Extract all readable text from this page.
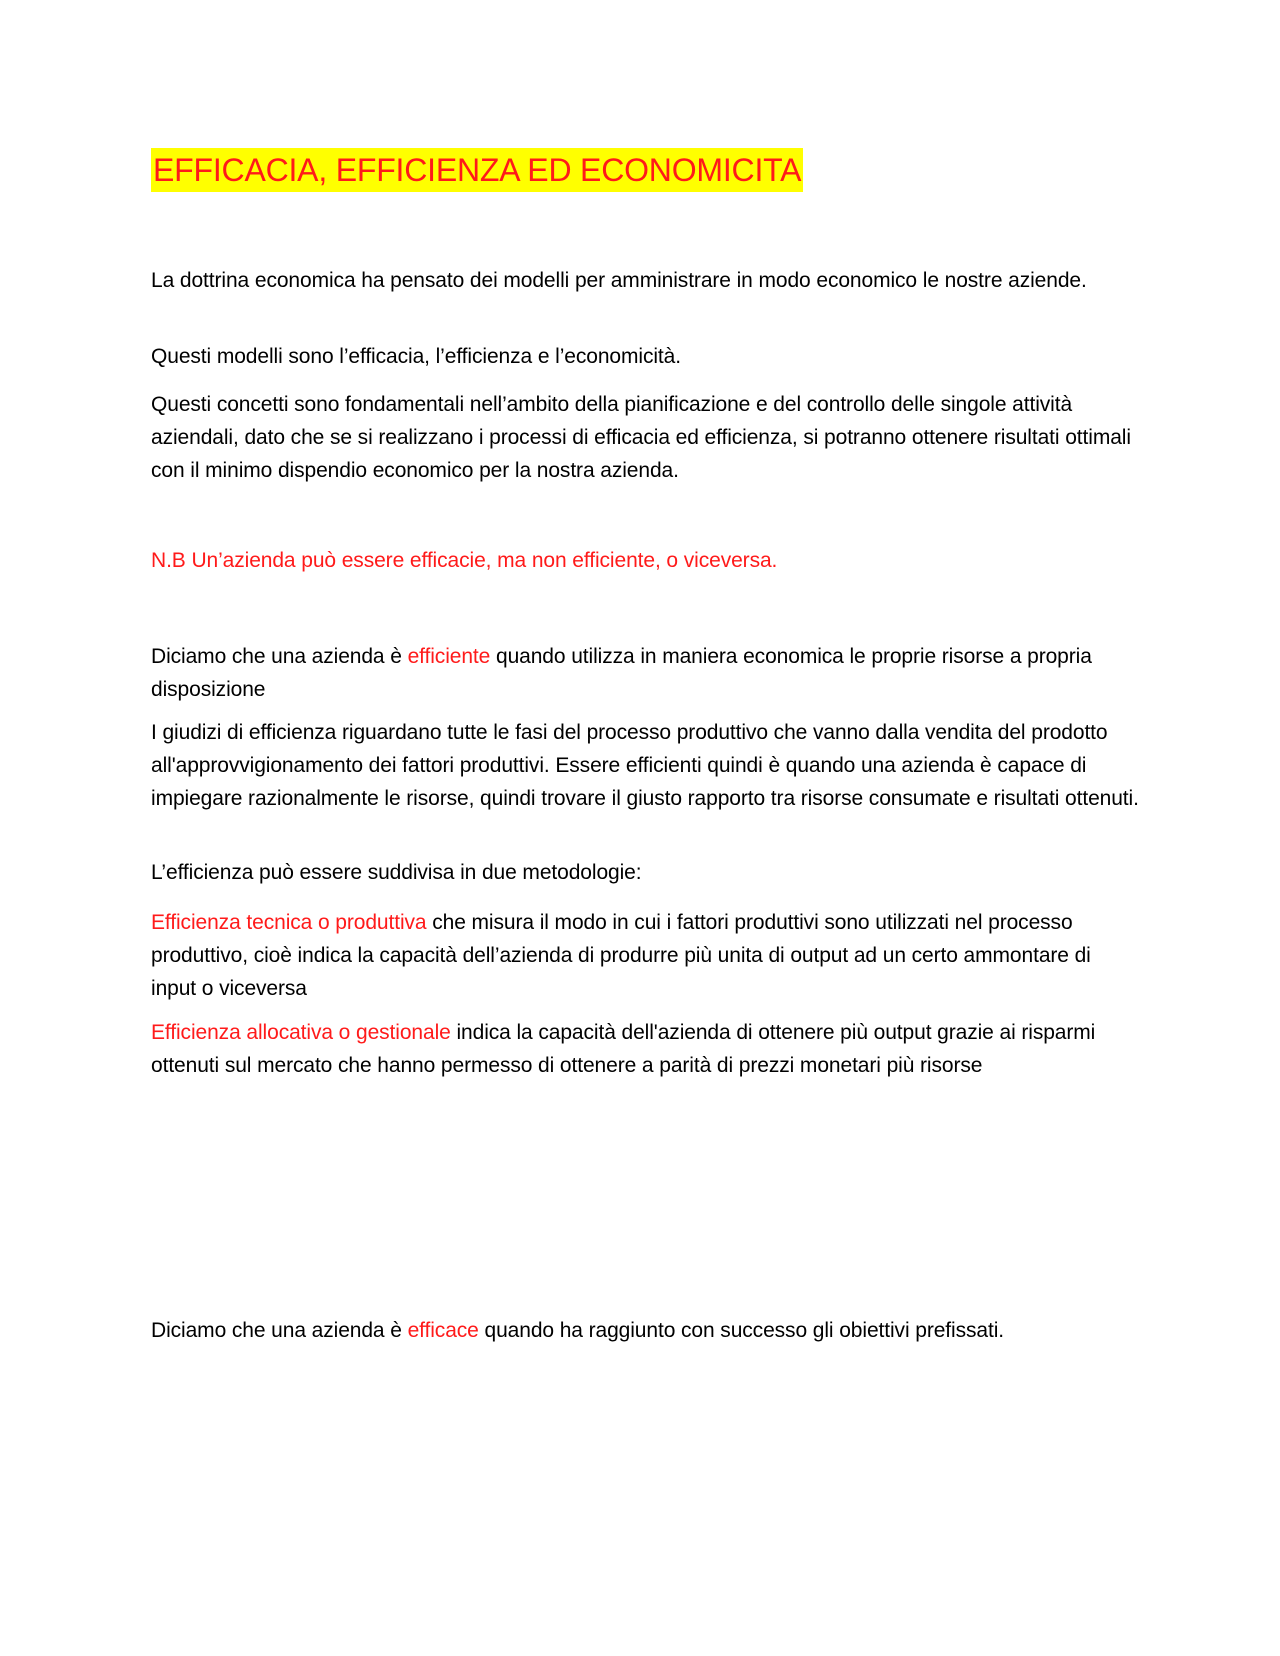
EFFICACIA, EFFICIENZA ED ECONOMICITA

La dottrina economica ha pensato dei modelli per amministrare in modo economico le nostre aziende.

Questi modelli sono l’efficacia, l’efficienza e l’economicità.

Questi concetti sono fondamentali nell’ambito della pianificazione e del controllo delle singole attività aziendali, dato che se si realizzano i processi di efficacia ed efficienza, si potranno ottenere risultati ottimali con il minimo dispendio economico per la nostra azienda.

N.B Un’azienda può essere efficacie, ma non efficiente, o viceversa.

Diciamo che una azienda è efficiente quando utilizza in maniera economica le proprie risorse a propria disposizione

I giudizi di efficienza riguardano tutte le fasi del processo produttivo che vanno dalla vendita del prodotto all'approvvigionamento dei fattori produttivi. Essere efficienti quindi è quando una azienda è capace di impiegare razionalmente le risorse, quindi trovare il giusto rapporto tra risorse consumate e risultati ottenuti.

L’efficienza può essere suddivisa in due metodologie:

Efficienza tecnica o produttiva che misura il modo in cui i fattori produttivi sono utilizzati nel processo produttivo, cioè indica la capacità dell’azienda di produrre più unita di output ad un certo ammontare di input o viceversa

Efficienza allocativa o gestionale indica la capacità dell'azienda di ottenere più output grazie ai risparmi ottenuti sul mercato che hanno permesso di ottenere a parità di prezzi monetari più risorse

Diciamo che una azienda è efficace quando ha raggiunto con successo gli obiettivi prefissati.
